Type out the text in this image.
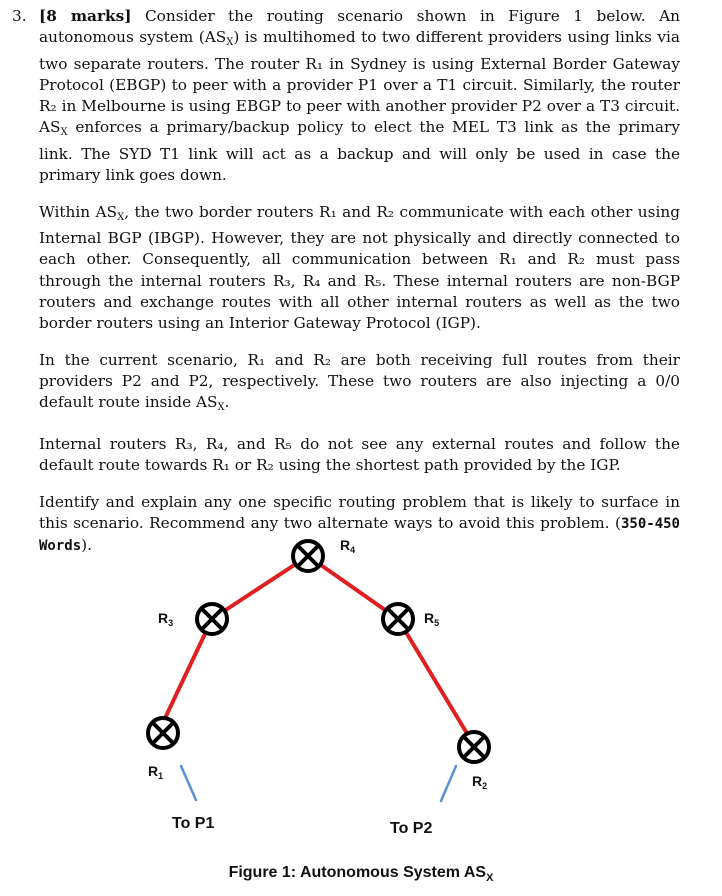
3. [8 marks] Consider the routing scenario shown in Figure 1 below. An autonomous system $(AS_X)$ is multihomed to two different providers using links via two separate routers. The router R₁ in Sydney is using External Border Gateway Protocol (EBGP) to peer with a provider P1 over a T1 circuit. Similarly, the router R₂ in Melbourne is using EBGP to peer with another provider P2 over a T3 circuit. $AS_X$ enforces a primary/backup policy to elect the MEL T3 link as the primary link. The SYD T1 link will act as a backup and will only be used in case the primary link goes down.

Within $AS_X$, the two border routers R₁ and R₂ communicate with each other using Internal BGP (IBGP). However, they are not physically and directly connected to each other. Consequently, all communication between R₁ and R₂ must pass through the internal routers R₃, R₄ and R₅. These internal routers are non-BGP routers and exchange routes with all other internal routers as well as the two border routers using an Interior Gateway Protocol (IGP).

In the current scenario, R₁ and R₂ are both receiving full routes from their providers P2 and P2, respectively. These two routers are also injecting a 0/0 default route inside $AS_X$.

Internal routers R₃, R₄, and R₅ do not see any external routes and follow the default route towards R₁ or R₂ using the shortest path provided by the IGP.

Identify and explain any one specific routing problem that is likely to surface in this scenario. Recommend any two alternate ways to avoid this problem. (350-450 Words).	$R_4$
$R_3$	$R_5$
$R_1$	$R_2$
To P1	To P2
Figure 1: Autonomous System $AS_X$
